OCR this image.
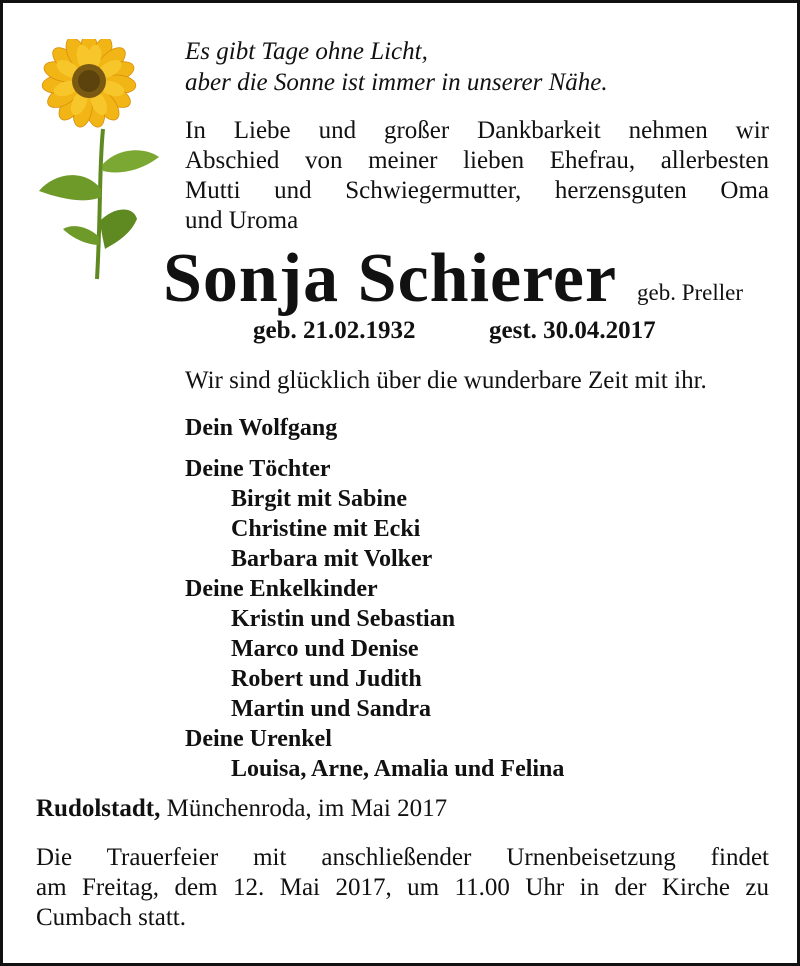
Es gibt Tage ohne Licht,
aber die Sonne ist immer in unserer Nähe.
In Liebe und großer Dankbarkeit nehmen wir
Abschied von meiner lieben Ehefrau, allerbesten
Mutti und Schwiegermutter, herzensguten Oma
und Uroma
Sonja Schierer geb. Preller
geb. 21.02.1932	gest. 30.04.2017
Wir sind glücklich über die wunderbare Zeit mit ihr.
Dein Wolfgang
Deine Töchter
Birgit mit Sabine
Christine mit Ecki
Barbara mit Volker
Deine Enkelkinder
Kristin und Sebastian
Marco und Denise
Robert und Judith
Martin und Sandra
Deine Urenkel
Louisa, Arne, Amalia und Felina
Rudolstadt, Münchenroda, im Mai 2017
Die Trauerfeier mit anschließender Urnenbeisetzung findet
am Freitag, dem 12. Mai 2017, um 11.00 Uhr in der Kirche zu
Cumbach statt.
